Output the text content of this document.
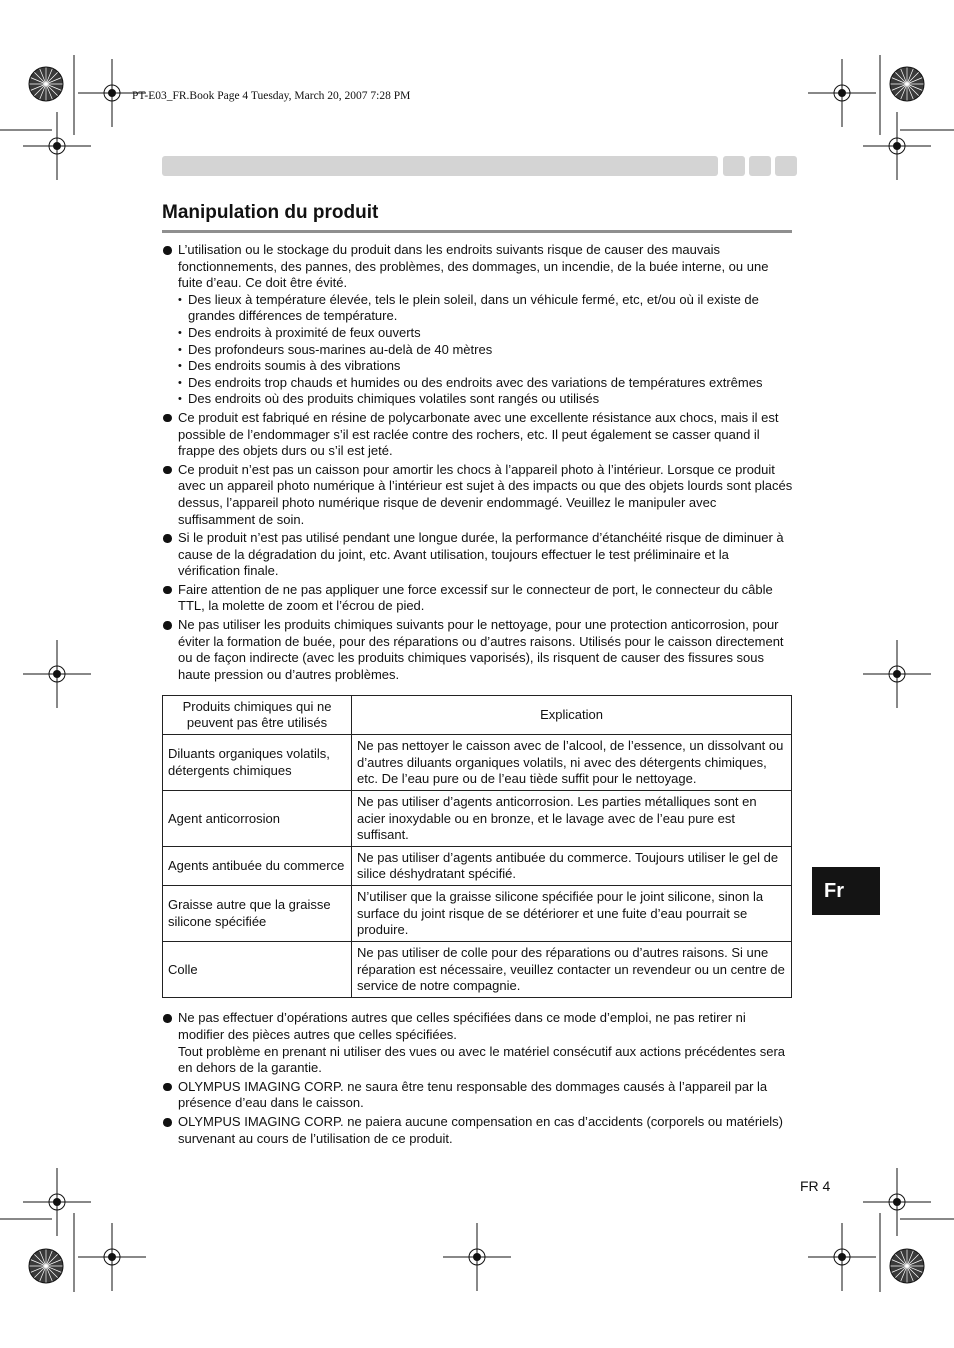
PT-E03_FR.Book Page 4 Tuesday, March 20, 2007 7:28 PM
Manipulation du produit
L’utilisation ou le stockage du produit dans les endroits suivants risque de causer des mauvais fonctionnements, des pannes, des problèmes, des dommages, un incendie, de la buée interne, ou une fuite d’eau. Ce doit être évité.
• Des lieux à température élevée, tels le plein soleil, dans un véhicule fermé, etc, et/ou où il existe de grandes différences de température.
• Des endroits à proximité de feux ouverts
• Des profondeurs sous-marines au-delà de 40 mètres
• Des endroits soumis à des vibrations
• Des endroits trop chauds et humides ou des endroits avec des variations de températures extrêmes
• Des endroits où des produits chimiques volatiles sont rangés ou utilisés
Ce produit est fabriqué en résine de polycarbonate avec une excellente résistance aux chocs, mais il est possible de l’endommager s’il est raclée contre des rochers, etc. Il peut également se casser quand il frappe des objets durs ou s’il est jeté.
Ce produit n’est pas un caisson pour amortir les chocs à l’appareil photo à l’intérieur. Lorsque ce produit avec un appareil photo numérique à l’intérieur est sujet à des impacts ou que des objets lourds sont placés dessus, l’appareil photo numérique risque de devenir endommagé. Veuillez le manipuler avec suffisamment de soin.
Si le produit n’est pas utilisé pendant une longue durée, la performance d’étanchéité risque de diminuer à cause de la dégradation du joint, etc. Avant utilisation, toujours effectuer le test préliminaire et la vérification finale.
Faire attention de ne pas appliquer une force excessif sur le connecteur de port, le connecteur du câble TTL, la molette de zoom et l’écrou de pied.
Ne pas utiliser les produits chimiques suivants pour le nettoyage, pour une protection anticorrosion, pour éviter la formation de buée, pour des réparations ou d’autres raisons. Utilisés pour le caisson directement ou de façon indirecte (avec les produits chimiques vaporisés), ils risquent de causer des fissures sous haute pression ou d’autres problèmes.
Produits chimiques qui ne peuvent pas être utilisés	Explication
Diluants organiques volatils, détergents chimiques	Ne pas nettoyer le caisson avec de l’alcool, de l’essence, un dissolvant ou d’autres diluants organiques volatils, ni avec des détergents chimiques, etc. De l’eau pure ou de l’eau tiède suffit pour le nettoyage.
Agent anticorrosion	Ne pas utiliser d’agents anticorrosion. Les parties métalliques sont en acier inoxydable ou en bronze, et le lavage avec de l’eau pure est suffisant.
Agents antibuée du commerce	Ne pas utiliser d’agents antibuée du commerce. Toujours utiliser le gel de silice déshydratant spécifié.
Graisse autre que la graisse silicone spécifiée	N’utiliser que la graisse silicone spécifiée pour le joint silicone, sinon la surface du joint risque de se détériorer et une fuite d’eau pourrait se produire.
Colle	Ne pas utiliser de colle pour des réparations ou d’autres raisons. Si une réparation est nécessaire, veuillez contacter un revendeur ou un centre de service de notre compagnie.
Ne pas effectuer d’opérations autres que celles spécifiées dans ce mode d’emploi, ne pas retirer ni modifier des pièces autres que celles spécifiées.
Tout problème en prenant ni utiliser des vues ou avec le matériel consécutif aux actions précédentes sera en dehors de la garantie.
OLYMPUS IMAGING CORP. ne saura être tenu responsable des dommages causés à l’appareil par la présence d’eau dans le caisson.
OLYMPUS IMAGING CORP. ne paiera aucune compensation en cas d’accidents (corporels ou matériels) survenant au cours de l’utilisation de ce produit.
Fr
FR 4
